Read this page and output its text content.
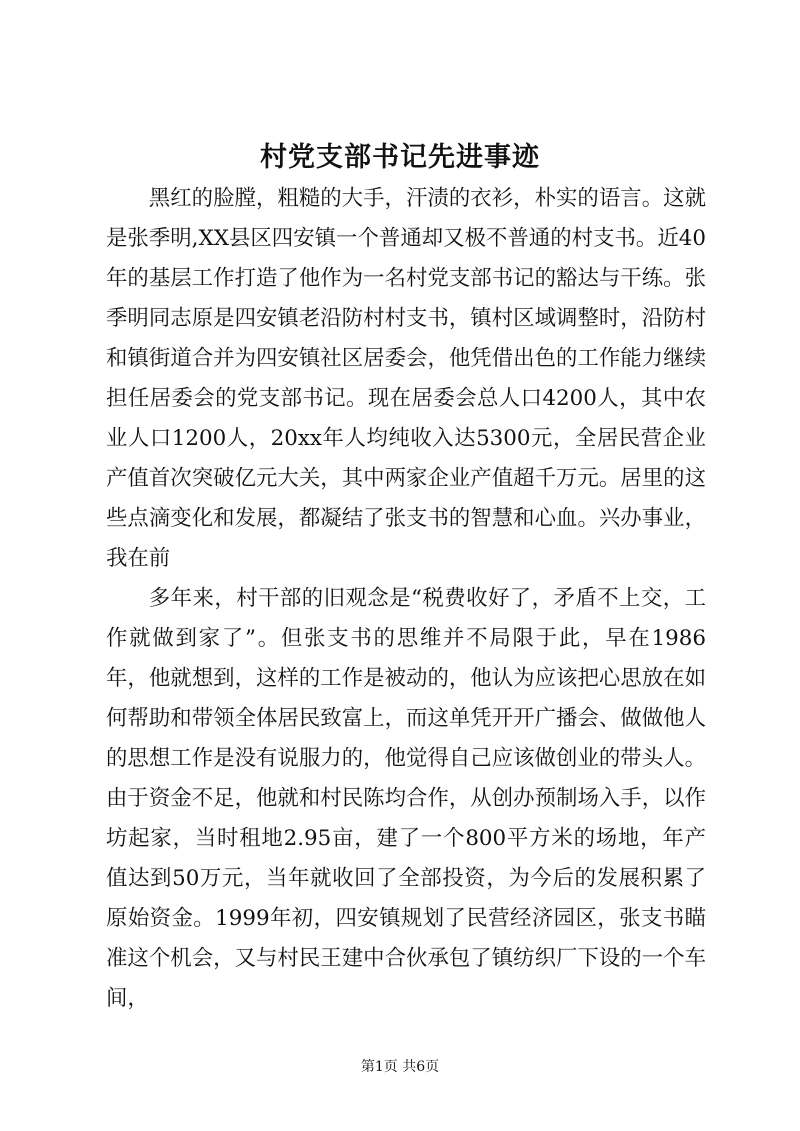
村党支部书记先进事迹

黑红的脸膛，粗糙的大手，汗渍的衣衫，朴实的语言。这就是张季明,XX县区四安镇一个普通却又极不普通的村支书。近40年的基层工作打造了他作为一名村党支部书记的豁达与干练。张季明同志原是四安镇老沿防村村支书，镇村区域调整时，沿防村和镇街道合并为四安镇社区居委会，他凭借出色的工作能力继续担任居委会的党支部书记。现在居委会总人口4200人，其中农业人口1200人，20xx年人均纯收入达5300元，全居民营企业产值首次突破亿元大关，其中两家企业产值超千万元。居里的这些点滴变化和发展，都凝结了张支书的智慧和心血。兴办事业，我在前

多年来，村干部的旧观念是“税费收好了，矛盾不上交，工作就做到家了”。但张支书的思维并不局限于此，早在1986年，他就想到，这样的工作是被动的，他认为应该把心思放在如何帮助和带领全体居民致富上，而这单凭开开广播会、做做他人的思想工作是没有说服力的，他觉得自己应该做创业的带头人。由于资金不足，他就和村民陈均合作，从创办预制场入手，以作坊起家，当时租地2.95亩，建了一个800平方米的场地，年产值达到50万元，当年就收回了全部投资，为今后的发展积累了原始资金。1999年初，四安镇规划了民营经济园区，张支书瞄准这个机会，又与村民王建中合伙承包了镇纺织厂下设的一个车间，

第1页 共6页
